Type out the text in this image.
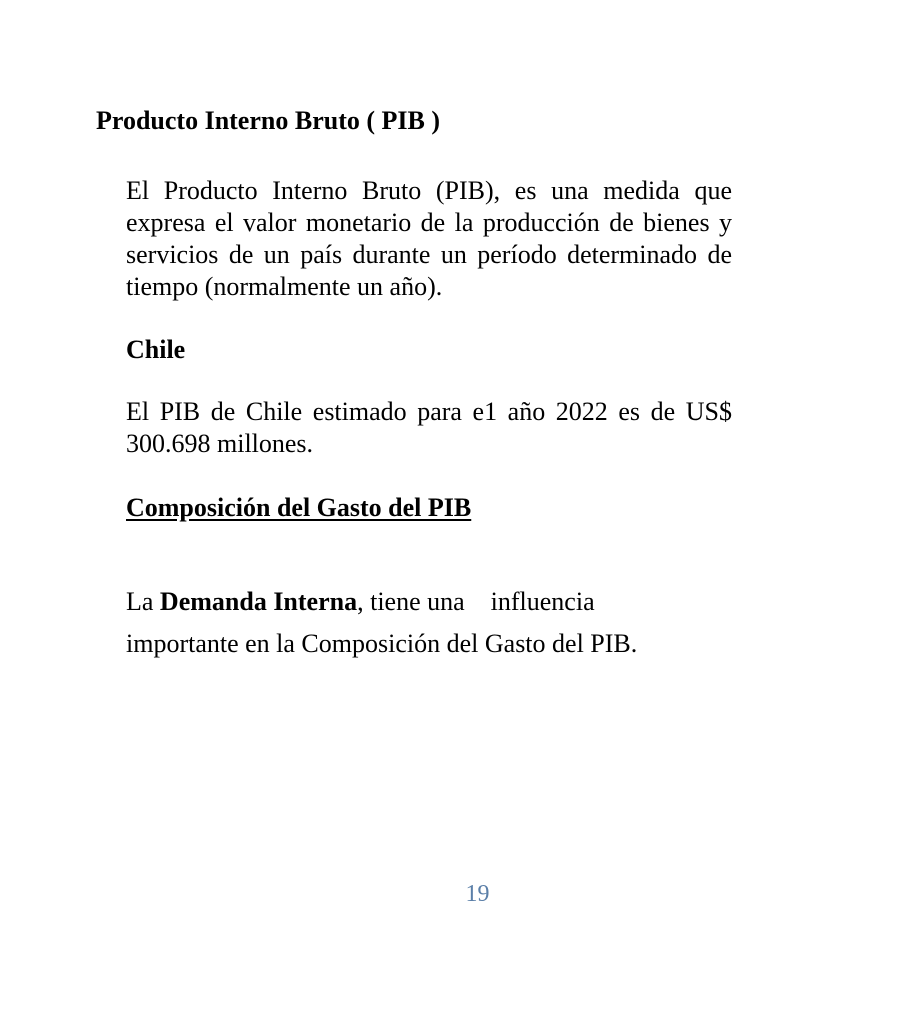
Producto Interno Bruto ( PIB )

El Producto Interno Bruto (PIB), es una medida que expresa el valor monetario de la producción de bienes y servicios de un país durante un período determinado de tiempo (normalmente un año).

Chile

El PIB de Chile estimado para e1 año 2022 es de US$ 300.698 millones.

Composición del Gasto del PIB

La Demanda Interna, tiene una    influencia
importante en la Composición del Gasto del PIB.

19
